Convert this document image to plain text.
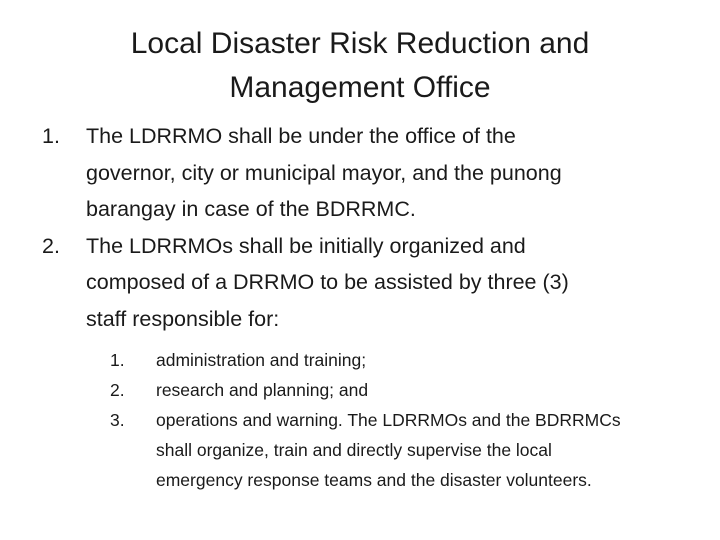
Local Disaster Risk Reduction and
Management Office
1. The LDRRMO shall be under the office of the
governor, city or municipal mayor, and the punong
barangay in case of the BDRRMC.
2. The LDRRMOs shall be initially organized and
composed of a DRRMO to be assisted by three (3)
staff responsible for:
1. administration and training;
2. research and planning; and
3. operations and warning. The LDRRMOs and the BDRRMCs
shall organize, train and directly supervise the local
emergency response teams and the disaster volunteers.
